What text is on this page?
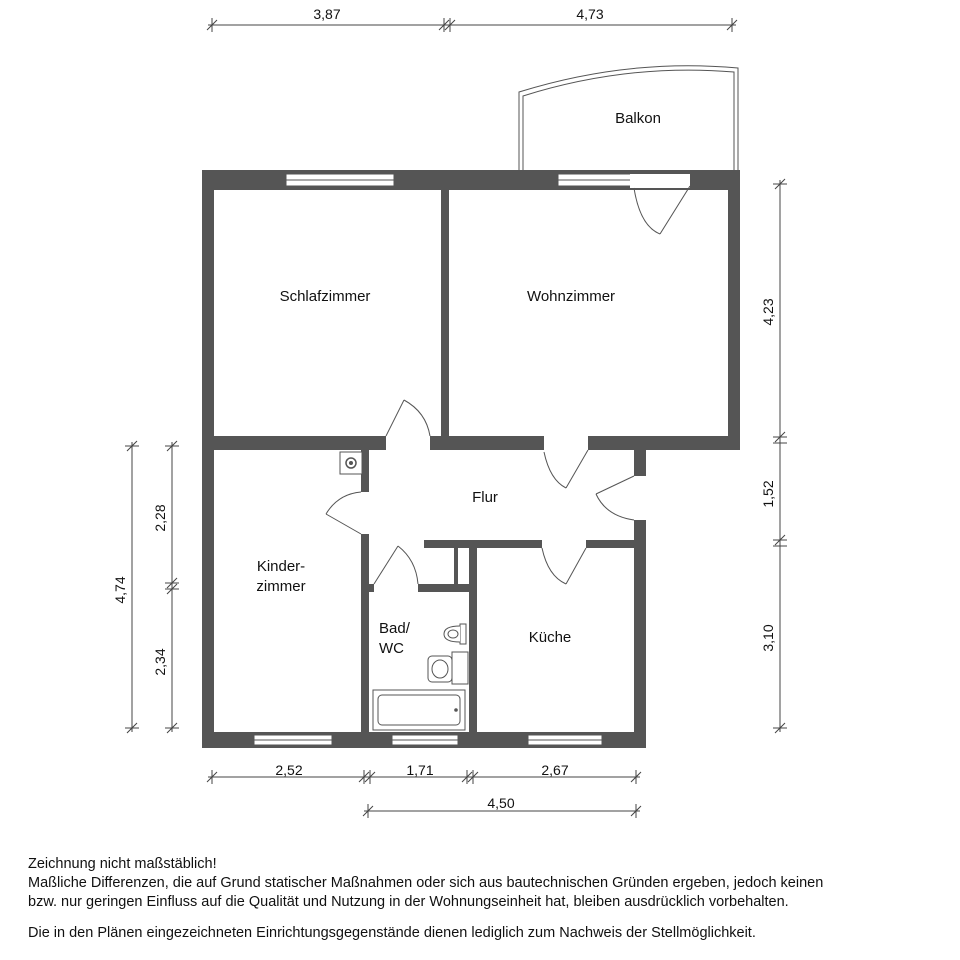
Balkon
Schlafzimmer	Wohnzimmer
Flur
Kinder-
zimmer
Bad/
WC
Küche
3,87	4,73
4,23
1,52
3,10
4,74
2,28
2,34
2,52	1,71	2,67
4,50

Zeichnung nicht maßstäblich!

Maßliche Differenzen, die auf Grund statischer Maßnahmen oder sich aus bautechnischen Gründen ergeben, jedoch keinen

bzw. nur geringen Einfluss auf die Qualität und Nutzung in der Wohnungseinheit hat, bleiben ausdrücklich vorbehalten.

Die in den Plänen eingezeichneten Einrichtungsgegenstände dienen lediglich zum Nachweis der Stellmöglichkeit.
